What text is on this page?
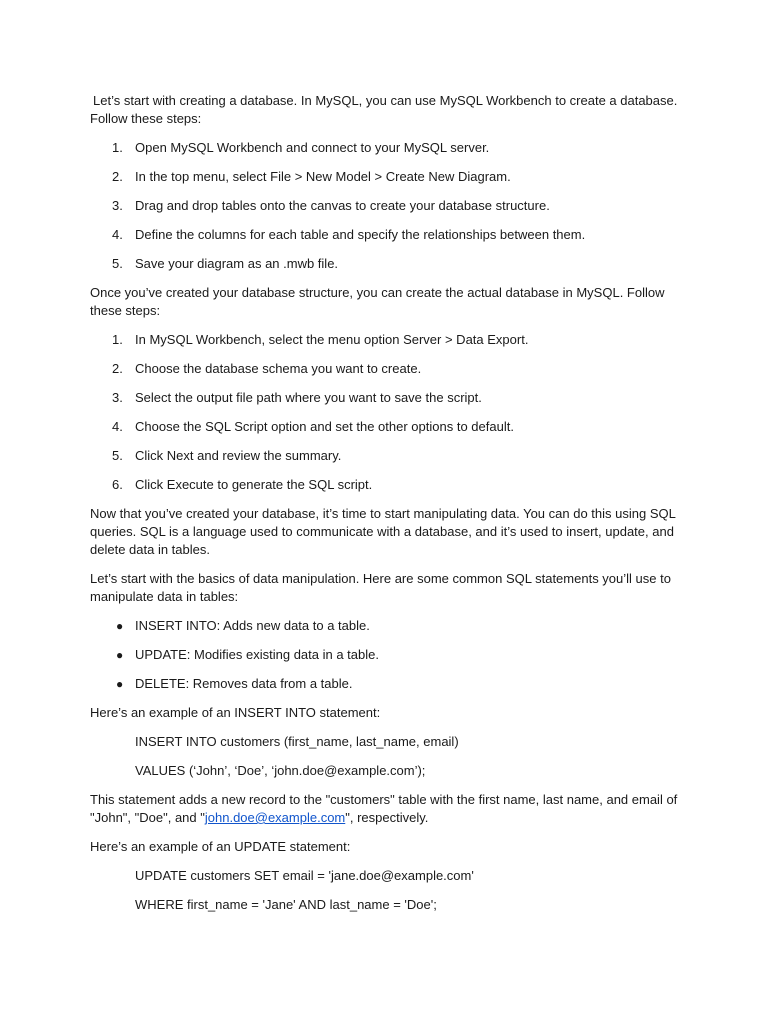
Let’s start with creating a database. In MySQL, you can use MySQL Workbench to create a database. Follow these steps:

1. Open MySQL Workbench and connect to your MySQL server.
2. In the top menu, select File > New Model > Create New Diagram.
3. Drag and drop tables onto the canvas to create your database structure.
4. Define the columns for each table and specify the relationships between them.
5. Save your diagram as an .mwb file.

Once you’ve created your database structure, you can create the actual database in MySQL. Follow these steps:

1. In MySQL Workbench, select the menu option Server > Data Export.
2. Choose the database schema you want to create.
3. Select the output file path where you want to save the script.
4. Choose the SQL Script option and set the other options to default.
5. Click Next and review the summary.
6. Click Execute to generate the SQL script.

Now that you’ve created your database, it’s time to start manipulating data. You can do this using SQL queries. SQL is a language used to communicate with a database, and it’s used to insert, update, and delete data in tables.

Let’s start with the basics of data manipulation. Here are some common SQL statements you’ll use to manipulate data in tables:

● INSERT INTO: Adds new data to a table.
● UPDATE: Modifies existing data in a table.
● DELETE: Removes data from a table.

Here’s an example of an INSERT INTO statement:

INSERT INTO customers (first_name, last_name, email)

VALUES (‘John’, ‘Doe’, ‘john.doe@example.com’);

This statement adds a new record to the "customers" table with the first name, last name, and email of "John", "Doe", and "john.doe@example.com", respectively.

Here’s an example of an UPDATE statement:

UPDATE customers SET email = 'jane.doe@example.com'

WHERE first_name = 'Jane' AND last_name = 'Doe';
